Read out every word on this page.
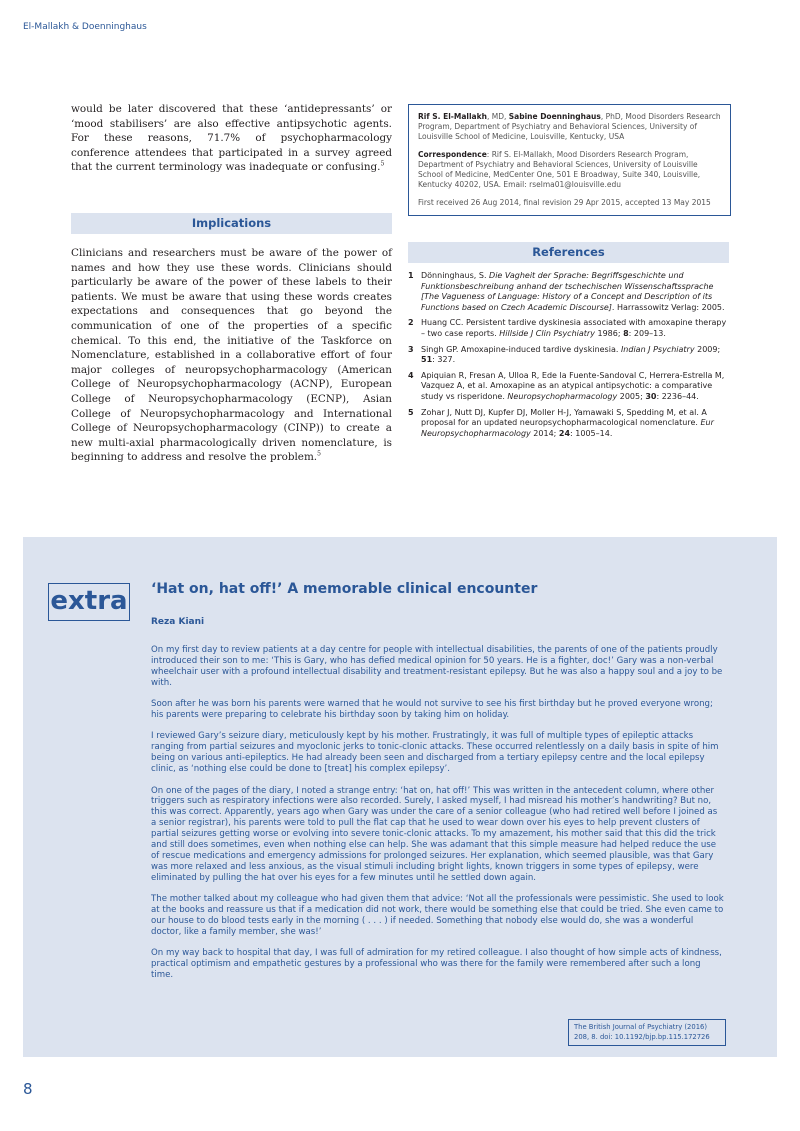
El-Mallakh & Doenninghaus

would be later discovered that these ‘antidepressants’ or ‘mood stabilisers’ are also effective antipsychotic agents. For these reasons, 71.7% of psychopharmacology conference attendees that participated in a survey agreed that the current terminology was inadequate or confusing.$^5$

Implications

Clinicians and researchers must be aware of the power of names and how they use these words. Clinicians should particularly be aware of the power of these labels to their patients. We must be aware that using these words creates expectations and consequences that go beyond the communication of one of the properties of a specific chemical. To this end, the initiative of the Taskforce on Nomenclature, established in a collaborative effort of four major colleges of neuropsychopharmacology (American College of Neuropsychopharmacology (ACNP), European College of Neuropsychopharmacology (ECNP), Asian College of Neuropsychopharmacology and International College of Neuropsychopharmacology (CINP)) to create a new multi-axial pharmacologically driven nomenclature, is beginning to address and resolve the problem.$^5$

Rif S. El-Mallakh, MD, Sabine Doenninghaus, PhD, Mood Disorders Research Program, Department of Psychiatry and Behavioral Sciences, University of Louisville School of Medicine, Louisville, Kentucky, USA

Correspondence: Rif S. El-Mallakh, Mood Disorders Research Program, Department of Psychiatry and Behavioral Sciences, University of Louisville School of Medicine, MedCenter One, 501 E Broadway, Suite 340, Louisville, Kentucky 40202, USA. Email: rselma01@louisville.edu

First received 26 Aug 2014, final revision 29 Apr 2015, accepted 13 May 2015

References
1 Dönninghaus, S. Die Vagheit der Sprache: Begriffsgeschichte und Funktionsbeschreibung anhand der tschechischen Wissenschaftssprache [The Vagueness of Language: History of a Concept and Description of its Functions based on Czech Academic Discourse]. Harrassowitz Verlag: 2005.
2 Huang CC. Persistent tardive dyskinesia associated with amoxapine therapy – two case reports. Hillside J Clin Psychiatry 1986; 8: 209–13.
3 Singh GP. Amoxapine-induced tardive dyskinesia. Indian J Psychiatry 2009; 51: 327.
4 Apiquian R, Fresan A, Ulloa R, Ede la Fuente-Sandoval C, Herrera-Estrella M, Vazquez A, et al. Amoxapine as an atypical antipsychotic: a comparative study vs risperidone. Neuropsychopharmacology 2005; 30: 2236–44.
5 Zohar J, Nutt DJ, Kupfer DJ, Moller H-J, Yamawaki S, Spedding M, et al. A proposal for an updated neuropsychopharmacological nomenclature. Eur Neuropsychopharmacology 2014; 24: 1005–14.
extra ‘Hat on, hat off!’ A memorable clinical encounter
Reza Kiani

On my first day to review patients at a day centre for people with intellectual disabilities, the parents of one of the patients proudly introduced their son to me: ‘This is Gary, who has defied medical opinion for 50 years. He is a fighter, doc!’ Gary was a non-verbal wheelchair user with a profound intellectual disability and treatment-resistant epilepsy. But he was also a happy soul and a joy to be with.

Soon after he was born his parents were warned that he would not survive to see his first birthday but he proved everyone wrong; his parents were preparing to celebrate his birthday soon by taking him on holiday.

I reviewed Gary’s seizure diary, meticulously kept by his mother. Frustratingly, it was full of multiple types of epileptic attacks ranging from partial seizures and myoclonic jerks to tonic-clonic attacks. These occurred relentlessly on a daily basis in spite of him being on various anti-epileptics. He had already been seen and discharged from a tertiary epilepsy centre and the local epilepsy clinic, as ‘nothing else could be done to [treat] his complex epilepsy’.

On one of the pages of the diary, I noted a strange entry: ‘hat on, hat off!’ This was written in the antecedent column, where other triggers such as respiratory infections were also recorded. Surely, I asked myself, I had misread his mother’s handwriting? But no, this was correct. Apparently, years ago when Gary was under the care of a senior colleague (who had retired well before I joined as a senior registrar), his parents were told to pull the flat cap that he used to wear down over his eyes to help prevent clusters of partial seizures getting worse or evolving into severe tonic-clonic attacks. To my amazement, his mother said that this did the trick and still does sometimes, even when nothing else can help. She was adamant that this simple measure had helped reduce the use of rescue medications and emergency admissions for prolonged seizures. Her explanation, which seemed plausible, was that Gary was more relaxed and less anxious, as the visual stimuli including bright lights, known triggers in some types of epilepsy, were eliminated by pulling the hat over his eyes for a few minutes until he settled down again.

The mother talked about my colleague who had given them that advice: ‘Not all the professionals were pessimistic. She used to look at the books and reassure us that if a medication did not work, there would be something else that could be tried. She even came to our house to do blood tests early in the morning ( . . . ) if needed. Something that nobody else would do, she was a wonderful doctor, like a family member, she was!’

On my way back to hospital that day, I was full of admiration for my retired colleague. I also thought of how simple acts of kindness, practical optimism and empathetic gestures by a professional who was there for the family were remembered after such a long time.

The British Journal of Psychiatry (2016)
208, 8. doi: 10.1192/bjp.bp.115.172726
8
